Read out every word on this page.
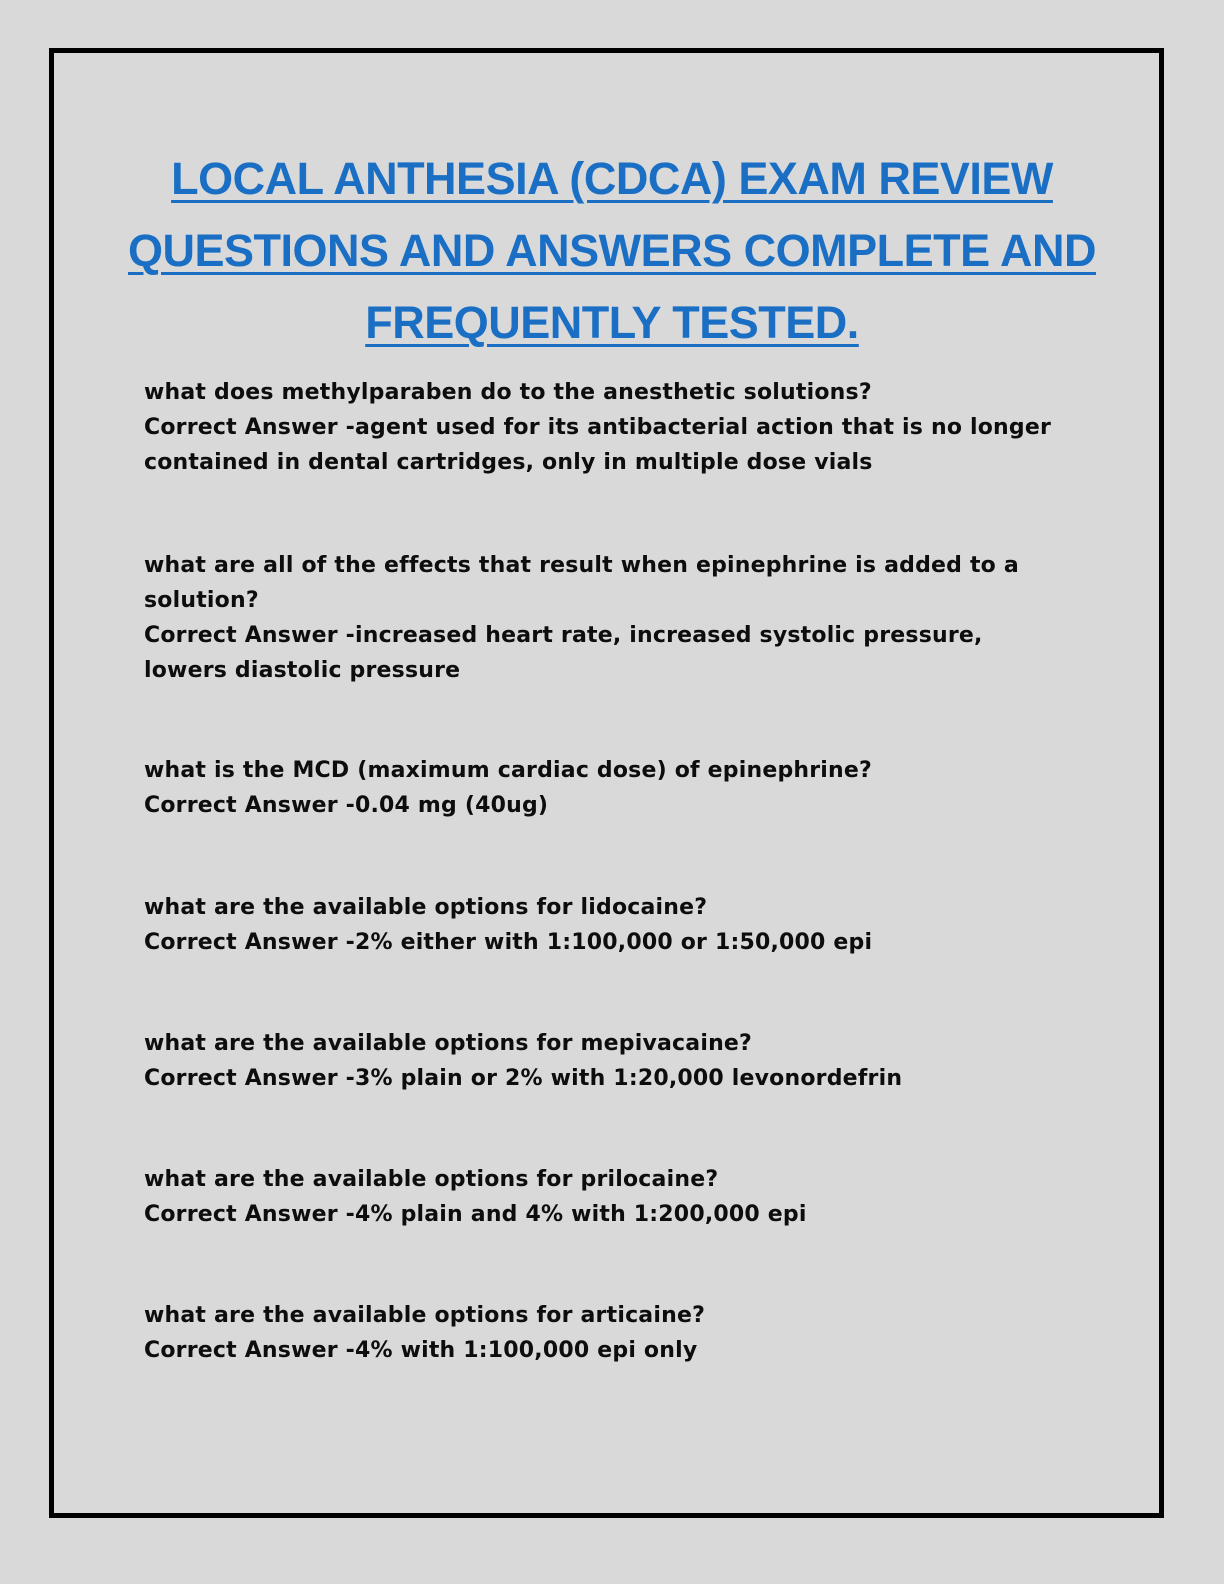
LOCAL ANTHESIA (CDCA) EXAM REVIEW QUESTIONS AND ANSWERS COMPLETE AND FREQUENTLY TESTED.

what does methylparaben do to the anesthetic solutions?

Correct Answer -agent used for its antibacterial action that is no longer contained in dental cartridges, only in multiple dose vials

what are all of the effects that result when epinephrine is added to a solution?

Correct Answer -increased heart rate, increased systolic pressure, lowers diastolic pressure

what is the MCD (maximum cardiac dose) of epinephrine?

Correct Answer -0.04 mg (40ug)

what are the available options for lidocaine?

Correct Answer -2% either with 1:100,000 or 1:50,000 epi

what are the available options for mepivacaine?

Correct Answer -3% plain or 2% with 1:20,000 levonordefrin

what are the available options for prilocaine?

Correct Answer -4% plain and 4% with 1:200,000 epi

what are the available options for articaine?

Correct Answer -4% with 1:100,000 epi only
